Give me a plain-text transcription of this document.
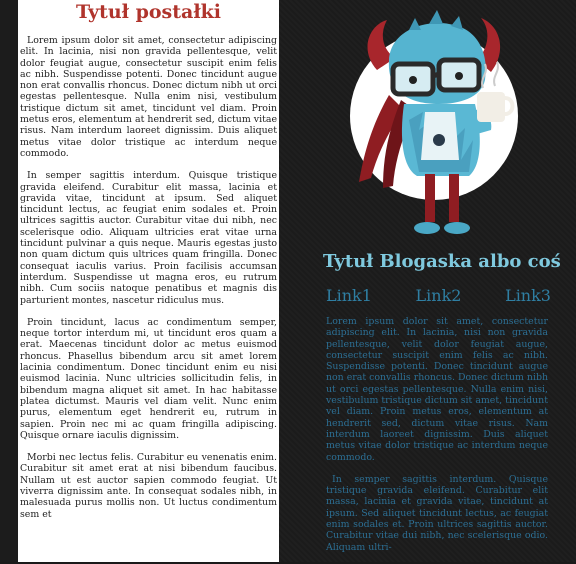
Tytuł postałki

Lorem ipsum dolor sit amet, consectetur adipiscing elit. In lacinia, nisi non gravida pellentesque, velit dolor feugiat augue, consectetur suscipit enim felis ac nibh. Suspendisse potenti. Donec tincidunt augue non erat convallis rhoncus. Donec dictum nibh ut orci egestas pellentesque. Nulla enim nisi, vestibulum tristique dictum sit amet, tincidunt vel diam. Proin metus eros, elementum at hendrerit sed, dictum vitae risus. Nam interdum laoreet dignissim. Duis aliquet metus vitae dolor tristique ac interdum neque commodo.

In semper sagittis interdum. Quisque tristique gravida eleifend. Curabitur elit massa, lacinia et gravida vitae, tincidunt at ipsum. Sed aliquet tincidunt lectus, ac feugiat enim sodales et. Proin ultrices sagittis auctor. Curabitur vitae dui nibh, nec scelerisque odio. Aliquam ultricies erat vitae urna tincidunt pulvinar a quis neque. Mauris egestas justo non quam dictum quis ultrices quam fringilla. Donec consequat iaculis varius. Proin facilisis accumsan interdum. Suspendisse ut magna eros, eu rutrum nibh. Cum sociis natoque penatibus et magnis dis parturient montes, nascetur ridiculus mus.

Proin tincidunt, lacus ac condimentum semper, neque tortor interdum mi, ut tincidunt eros quam a erat. Maecenas tincidunt dolor ac metus euismod rhoncus. Phasellus bibendum arcu sit amet lorem lacinia condimentum. Donec tincidunt enim eu nisi euismod lacinia. Nunc ultricies sollicitudin felis, in bibendum magna aliquet sit amet. In hac habitasse platea dictumst. Mauris vel diam velit. Nunc enim purus, elementum eget hendrerit eu, rutrum in sapien. Proin nec mi ac quam fringilla adipiscing. Quisque ornare iaculis dignissim.

Morbi nec lectus felis. Curabitur eu venenatis enim. Curabitur sit amet erat at nisi bibendum faucibus. Nullam ut est auctor sapien commodo feugiat. Ut viverra dignissim ante. In consequat sodales nibh, in malesuada purus mollis non. Ut luctus condimentum sem et

Tytuł Blogaska albo coś
Link1	Link2	Link3

Lorem ipsum dolor sit amet, consectetur adipiscing elit. In lacinia, nisi non gravida pellentesque, velit dolor feugiat augue, consectetur suscipit enim felis ac nibh. Suspendisse potenti. Donec tincidunt augue non erat convallis rhoncus. Donec dictum nibh ut orci egestas pellentesque. Nulla enim nisi, vestibulum tristique dictum sit amet, tincidunt vel diam. Proin metus eros, elementum at hendrerit sed, dictum vitae risus. Nam interdum laoreet dignissim. Duis aliquet metus vitae dolor tristique ac interdum neque commodo.

In semper sagittis interdum. Quisque tristique gravida eleifend. Curabitur elit massa, lacinia et gravida vitae, tincidunt at ipsum. Sed aliquet tincidunt lectus, ac feugiat enim sodales et. Proin ultrices sagittis auctor. Curabitur vitae dui nibh, nec scelerisque odio. Aliquam ultri-
